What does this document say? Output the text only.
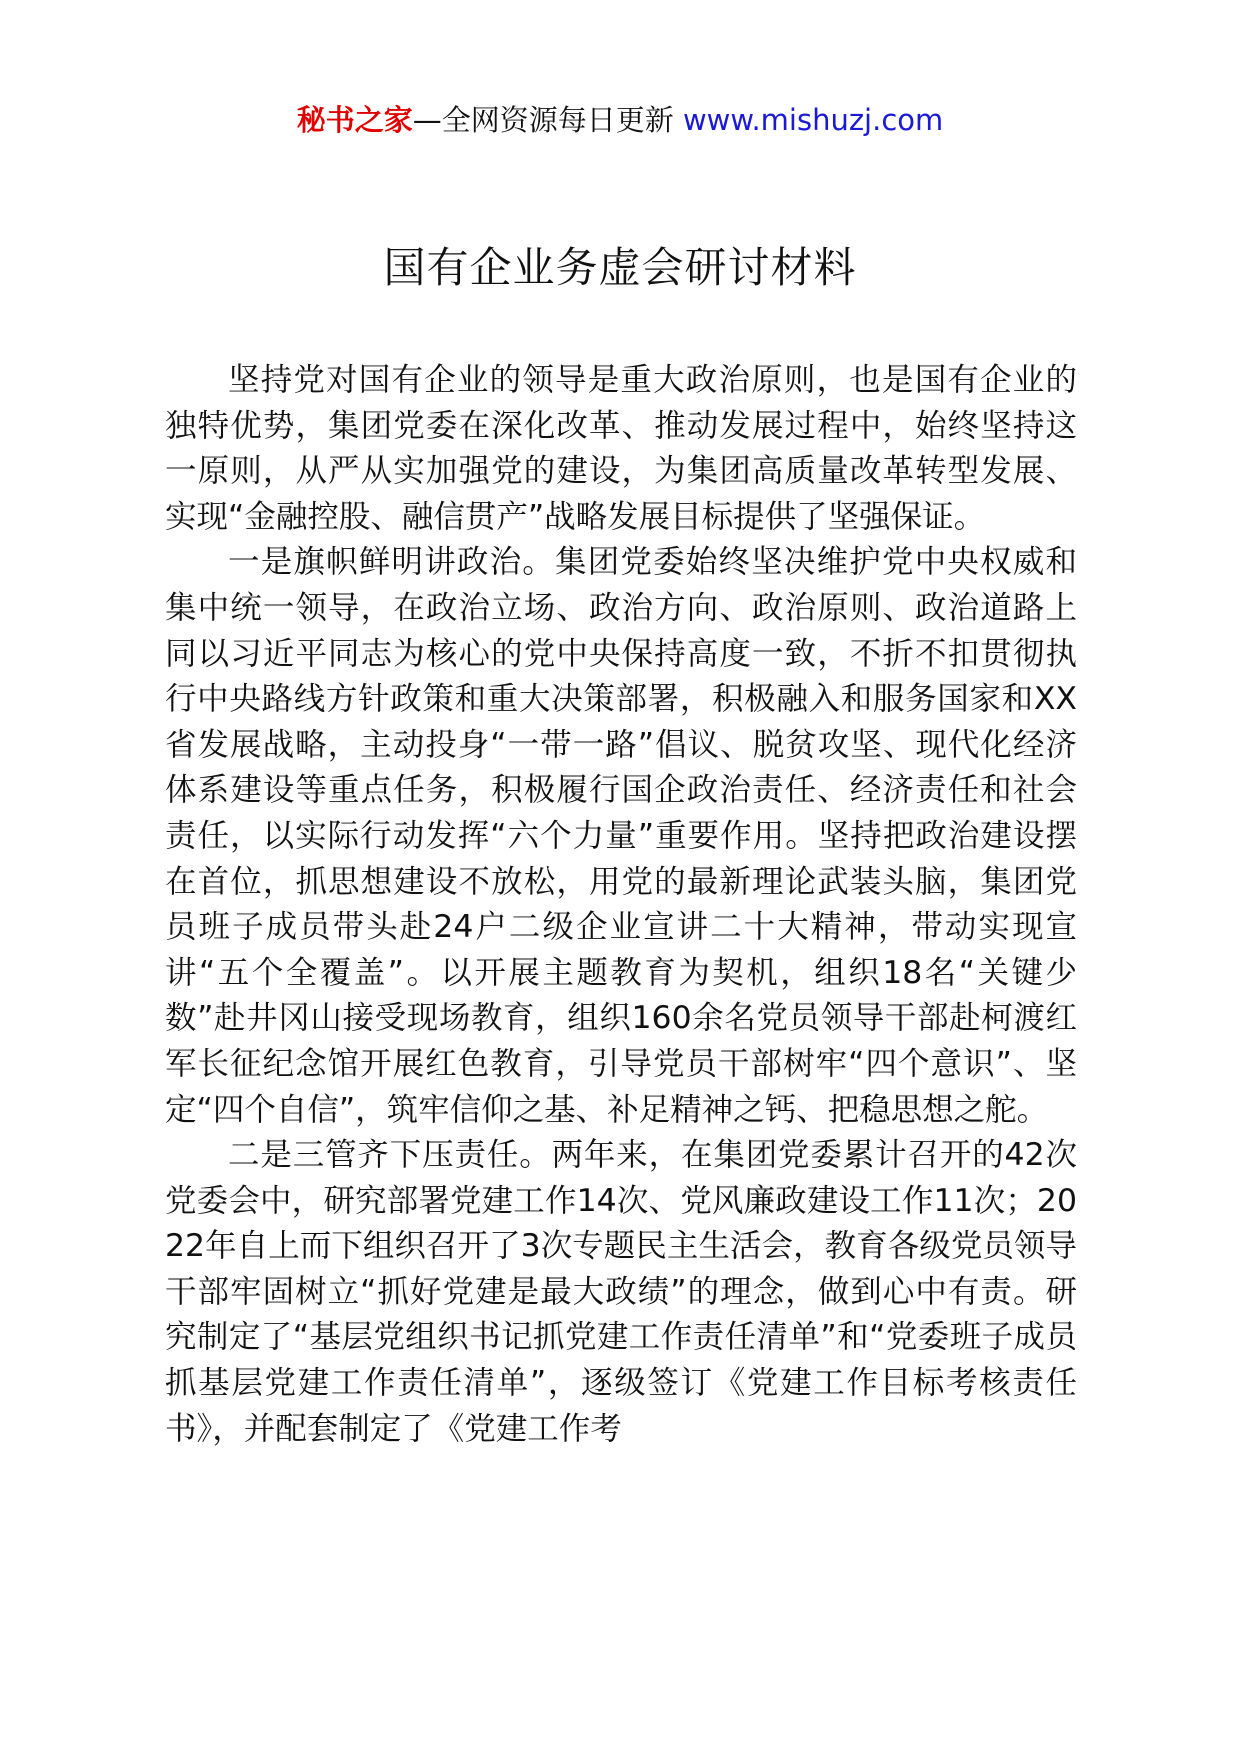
秘书之家—全网资源每日更新 www.mishuzj.com
国有企业务虚会研讨材料

坚持党对国有企业的领导是重大政治原则，也是国有企业的独特优势，集团党委在深化改革、推动发展过程中，始终坚持这一原则，从严从实加强党的建设，为集团高质量改革转型发展、实现“金融控股、融信贯产”战略发展目标提供了坚强保证。

一是旗帜鲜明讲政治。集团党委始终坚决维护党中央权威和集中统一领导，在政治立场、政治方向、政治原则、政治道路上同以习近平同志为核心的党中央保持高度一致，不折不扣贯彻执行中央路线方针政策和重大决策部署，积极融入和服务国家和XX省发展战略，主动投身“一带一路”倡议、脱贫攻坚、现代化经济体系建设等重点任务，积极履行国企政治责任、经济责任和社会责任，以实际行动发挥“六个力量”重要作用。坚持把政治建设摆在首位，抓思想建设不放松，用党的最新理论武装头脑，集团党员班子成员带头赴24户二级企业宣讲二十大精神，带动实现宣讲“五个全覆盖”。以开展主题教育为契机，组织18名“关键少数”赴井冈山接受现场教育，组织160余名党员领导干部赴柯渡红军长征纪念馆开展红色教育，引导党员干部树牢“四个意识”、坚定“四个自信”，筑牢信仰之基、补足精神之钙、把稳思想之舵。

二是三管齐下压责任。两年来，在集团党委累计召开的42次党委会中，研究部署党建工作14次、党风廉政建设工作11次；2022年自上而下组织召开了3次专题民主生活会，教育各级党员领导干部牢固树立“抓好党建是最大政绩”的理念，做到心中有责。研究制定了“基层党组织书记抓党建工作责任清单”和“党委班子成员抓基层党建工作责任清单”，逐级签订《党建工作目标考核责任书》，并配套制定了《党建工作考
